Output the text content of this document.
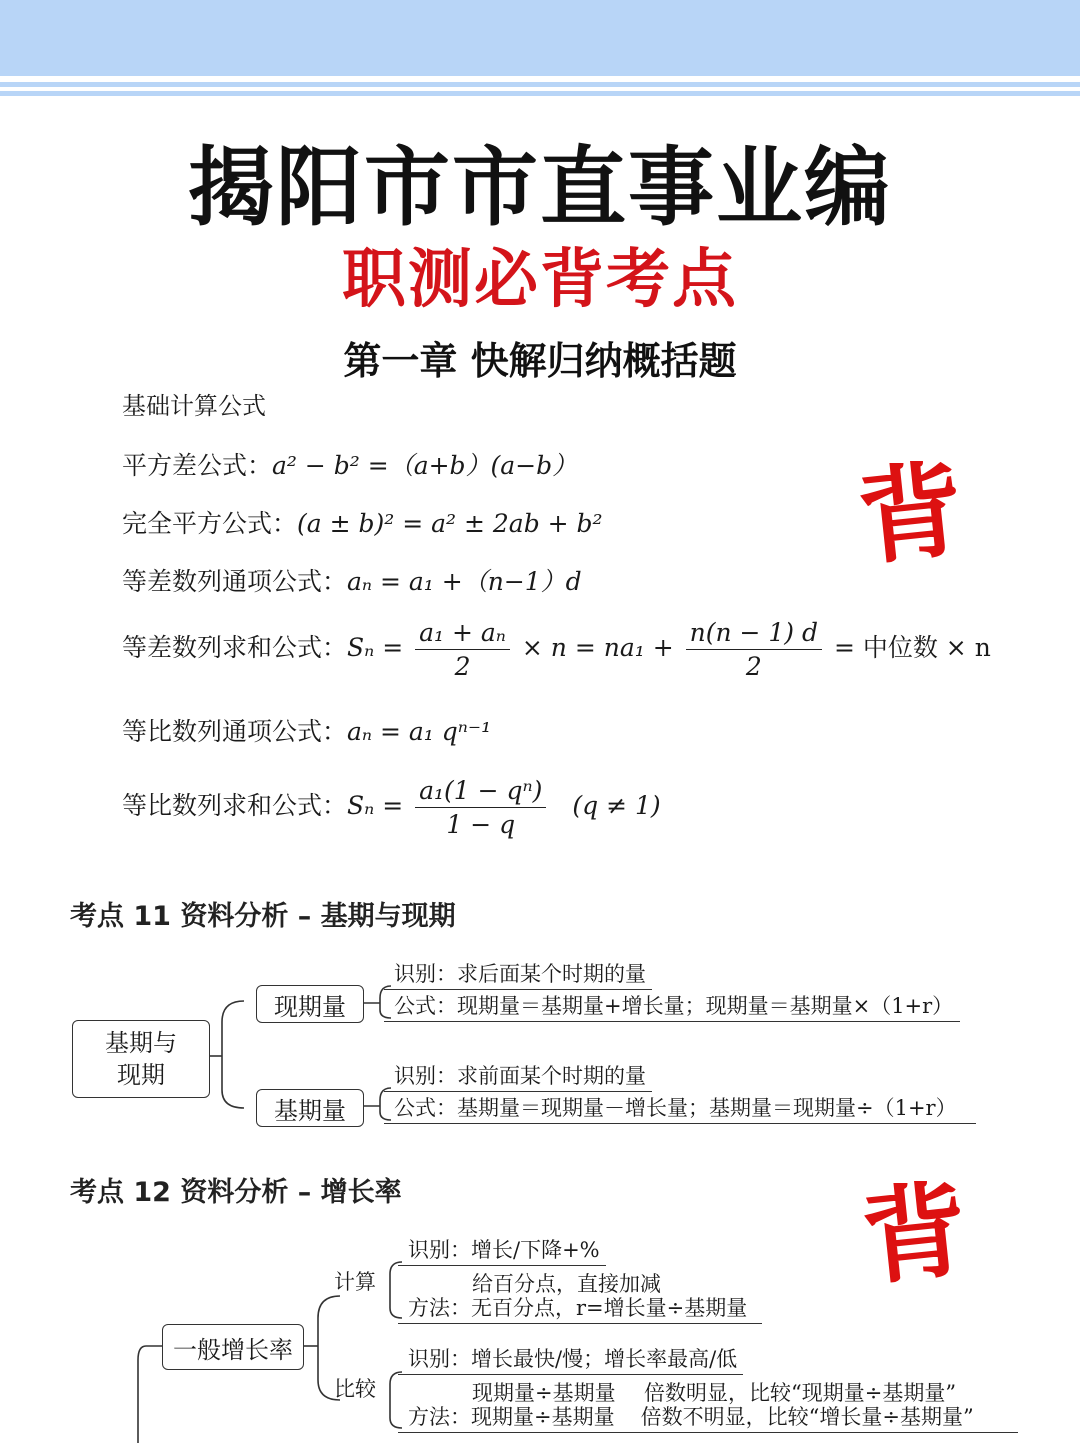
揭阳市市直事业编
职测必背考点
第一章 快解归纳概括题
背
背
基础计算公式
平方差公式：a² − b² =（a+b）(a−b）
完全平方公式：(a ± b)² = a² ± 2ab + b²
等差数列通项公式：aₙ = a₁ +（n−1）d
等差数列求和公式：$S_n = \frac{\text{a₁ + aₙ}}{2} \times n = na_1 + \frac{n(n - 1) d}{2}$ = 中位数 × n
等比数列通项公式：aₙ = a₁ qⁿ⁻¹
等比数列求和公式：$S_n = \frac{\text{a₁(1 − qⁿ)}}{1 - q} (q \ne 1)$
考点 11 资料分析 – 基期与现期
基期与
现期
现期量
基期量
识别：求后面某个时期的量
公式：现期量＝基期量+增长量；现期量＝基期量×（1+r）
识别：求前面某个时期的量
公式：基期量＝现期量－增长量；基期量＝现期量÷（1+r）
考点 12 资料分析 – 增长率
一般增长率
计算
比较
识别：增长/下降+%
给百分点，直接加减
方法：无百分点，r=增长量÷基期量
识别：增长最快/慢；增长率最高/低
现期量÷基期量 倍数明显，比较“现期量÷基期量”
方法：现期量÷基期量 倍数不明显，比较“增长量÷基期量”
